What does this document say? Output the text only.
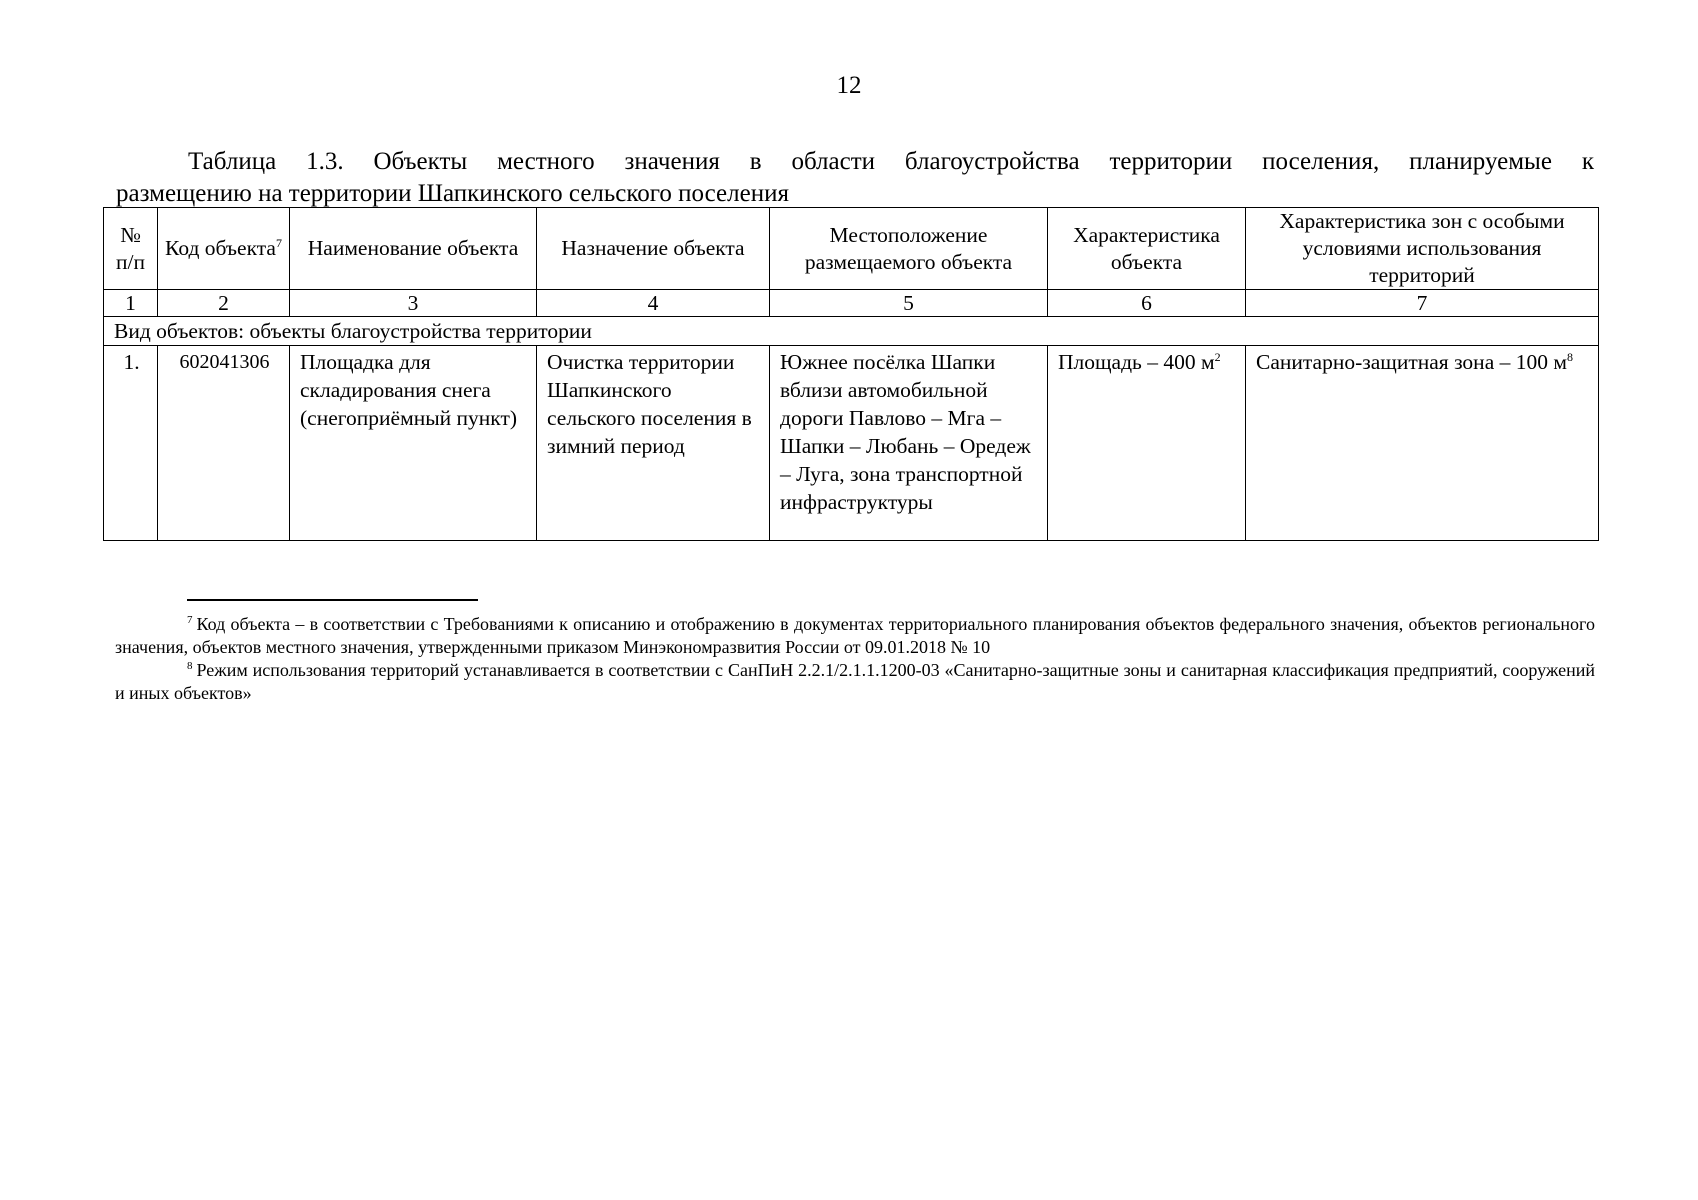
12
Таблица 1.3. Объекты местного значения в области благоустройства территории поселения, планируемые к
размещению на территории Шапкинского сельского поселения
№ п/п	Код объекта$^7$	Наименование объекта	Назначение объекта	Местоположение размещаемого объекта	Характеристика объекта	Характеристика зон с особыми условиями использования территорий
1	2	3	4	5	6	7
Вид объектов: объекты благоустройства территории						
1.	602041306	Площадка для складирования снега (снегоприёмный пункт)	Очистка территории Шапкинского сельского поселения в зимний период	Южнее посёлка Шапки вблизи автомобильной дороги Павлово – Мга – Шапки – Любань – Оредеж – Луга, зона транспортной инфраструктуры	Площадь – 400 $м^2$	Санитарно-защитная зона – 100 $м^8$
$^7$ Код объекта – в соответствии с Требованиями к описанию и отображению в документах территориального планирования объектов федерального значения, объектов регионального значения, объектов местного значения, утвержденными приказом Минэкономразвития России от 09.01.2018 № 10
$^8$ Режим использования территорий устанавливается в соответствии с СанПиН 2.2.1/2.1.1.1200-03 «Санитарно-защитные зоны и санитарная классификация предприятий, сооружений и иных объектов»
